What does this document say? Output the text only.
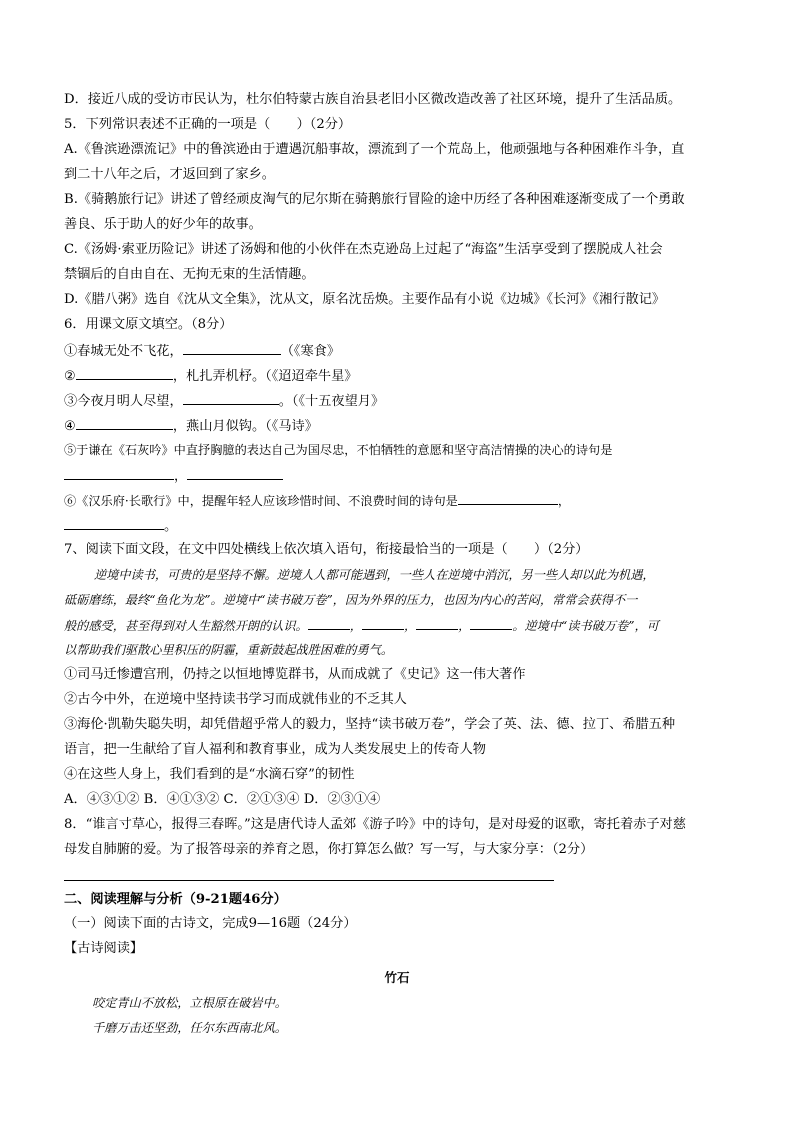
D．接近八成的受访市民认为，杜尔伯特蒙古族自治县老旧小区微改造改善了社区环境，提升了生活品质。
5．下列常识表述不正确的一项是（　　）（2分）
A.《鲁滨逊漂流记》中的鲁滨逊由于遭遇沉船事故，漂流到了一个荒岛上，他顽强地与各种困难作斗争，直
到二十八年之后，才返回到了家乡。
B.《骑鹅旅行记》讲述了曾经顽皮淘气的尼尔斯在骑鹅旅行冒险的途中历经了各种困难逐渐变成了一个勇敢
善良、乐于助人的好少年的故事。
C.《汤姆·索亚历险记》讲述了汤姆和他的小伙伴在杰克逊岛上过起了“海盗”生活享受到了摆脱成人社会
禁锢后的自由自在、无拘无束的生活情趣。
D.《腊八粥》选自《沈从文全集》，沈从文，原名沈岳焕。主要作品有小说《边城》《长河》《湘行散记》
6．用课文原文填空。（8分）
①春城无处不飞花，	（《寒食》
②	，札扎弄机杼。（《迢迢牵牛星》
③今夜月明人尽望，	。（《十五夜望月》
④	，燕山月似钩。（《马诗》
⑤于谦在《石灰吟》中直抒胸臆的表达自己为国尽忠，不怕牺牲的意愿和坚守高洁情操的决心的诗句是
，
⑥《汉乐府·长歌行》中，提醒年轻人应该珍惜时间、不浪费时间的诗句是	，
。
7、阅读下面文段，在文中四处横线上依次填入语句，衔接最恰当的一项是（　　）（2分）
逆境中读书，可贵的是坚持不懈。逆境人人都可能遇到，一些人在逆境中消沉，另一些人却以此为机遇，
砥砺磨练，最终“鱼化为龙”。逆境中“读书破万卷”，因为外界的压力，也因为内心的苦闷，常常会获得不一
般的感受，甚至得到对人生豁然开朗的认识。	，	，	，	。逆境中“读书破万卷”，可
以帮助我们驱散心里积压的阴霾，重新鼓起战胜困难的勇气。
①司马迁惨遭宫刑，仍持之以恒地博览群书，从而成就了《史记》这一伟大著作
②古今中外，在逆境中坚持读书学习而成就伟业的不乏其人
③海伦·凯勒失聪失明，却凭借超乎常人的毅力，坚持“读书破万卷”，学会了英、法、德、拉丁、希腊五种
语言，把一生献给了盲人福利和教育事业，成为人类发展史上的传奇人物
④在这些人身上，我们看到的是“水滴石穿”的韧性
A．④③①② B．④①③② C．②①③④ D．②③①④
8．“谁言寸草心，报得三春晖。”这是唐代诗人孟郊《游子吟》中的诗句，是对母爱的讴歌，寄托着赤子对慈
母发自肺腑的爱。为了报答母亲的养育之恩，你打算怎么做？写一写，与大家分享：（2分）
二、阅读理解与分析（9-21题46分）
（一）阅读下面的古诗文，完成9—16题（24分）
【古诗阅读】
竹石
咬定青山不放松，立根原在破岩中。
千磨万击还坚劲，任尔东西南北风。
